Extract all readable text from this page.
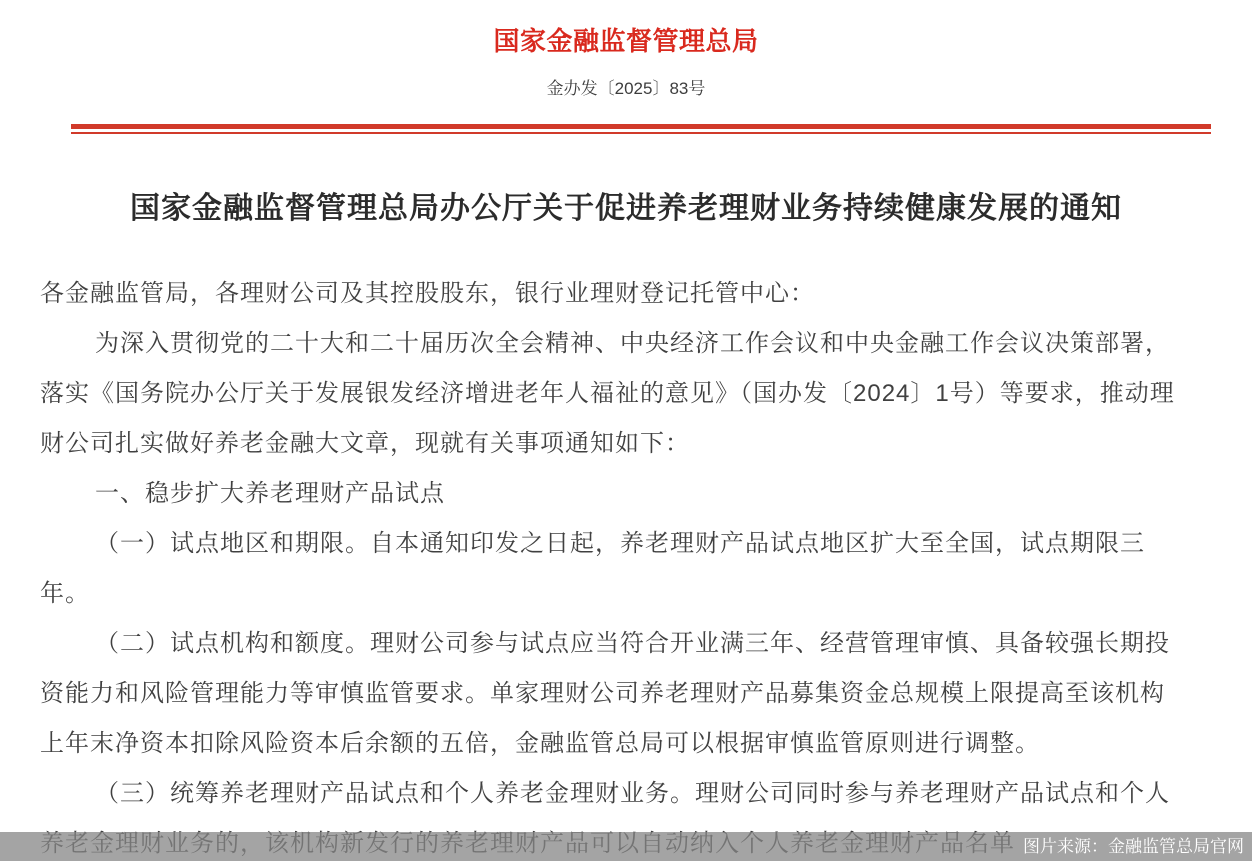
国家金融监督管理总局
金办发〔2025〕83号
国家金融监督管理总局办公厅关于促进养老理财业务持续健康发展的通知
各金融监管局，各理财公司及其控股股东，银行业理财登记托管中心：
为深入贯彻党的二十大和二十届历次全会精神、中央经济工作会议和中央金融工作会议决策部署，
落实《国务院办公厅关于发展银发经济增进老年人福祉的意见》（国办发〔2024〕1号）等要求，推动理
财公司扎实做好养老金融大文章，现就有关事项通知如下：
一、稳步扩大养老理财产品试点
（一）试点地区和期限。自本通知印发之日起，养老理财产品试点地区扩大至全国，试点期限三
年。
（二）试点机构和额度。理财公司参与试点应当符合开业满三年、经营管理审慎、具备较强长期投
资能力和风险管理能力等审慎监管要求。单家理财公司养老理财产品募集资金总规模上限提高至该机构
上年末净资本扣除风险资本后余额的五倍，金融监管总局可以根据审慎监管原则进行调整。
（三）统筹养老理财产品试点和个人养老金理财业务。理财公司同时参与养老理财产品试点和个人
图片来源：金融监管总局官网
